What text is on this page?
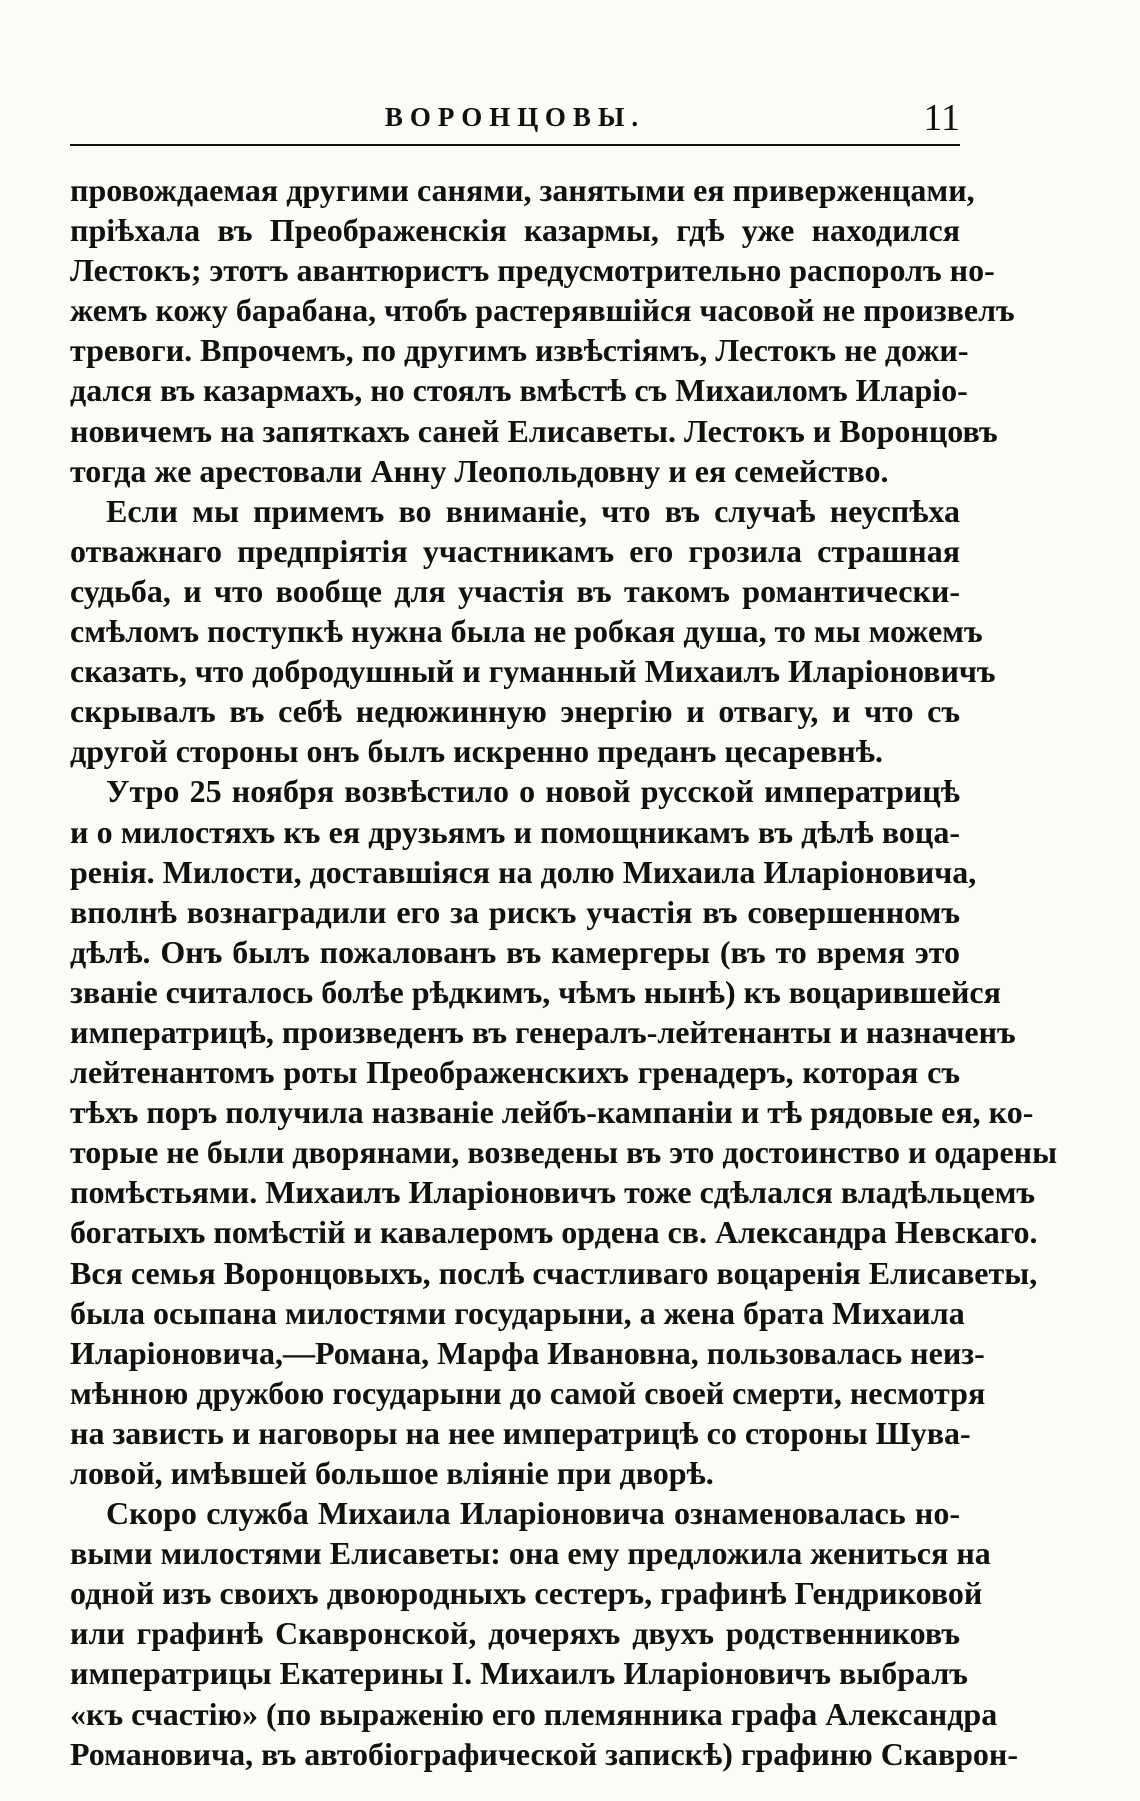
ВОРОНЦОВЫ.	11
провождаемая другими санями, занятыми ея приверженцами,
пріѣхала въ Преображенскія казармы, гдѣ уже находился
Лестокъ; этотъ авантюристъ предусмотрительно распоролъ но-
жемъ кожу барабана, чтобъ растерявшійся часовой не произвелъ
тревоги. Впрочемъ, по другимъ извѣстіямъ, Лестокъ не дожи-
дался въ казармахъ, но стоялъ вмѣстѣ съ Михаиломъ Иларіо-
новичемъ на запяткахъ саней Елисаветы. Лестокъ и Воронцовъ
тогда же арестовали Анну Леопольдовну и ея семейство.
Если мы примемъ во вниманіе, что въ случаѣ неуспѣха
отважнаго предпріятія участникамъ его грозила страшная
судьба, и что вообще для участія въ такомъ романтически-
смѣломъ поступкѣ нужна была не робкая душа, то мы можемъ
сказать, что добродушный и гуманный Михаилъ Иларіоновичъ
скрывалъ въ себѣ недюжинную энергію и отвагу, и что съ
другой стороны онъ былъ искренно преданъ цесаревнѣ.
Утро 25 ноября возвѣстило о новой русской императрицѣ
и о милостяхъ къ ея друзьямъ и помощникамъ въ дѣлѣ воца-
ренія. Милости, доставшіяся на долю Михаила Иларіоновича,
вполнѣ вознаградили его за рискъ участія въ совершенномъ
дѣлѣ. Онъ былъ пожалованъ въ камергеры (въ то время это
званіе считалось болѣе рѣдкимъ, чѣмъ нынѣ) къ воцарившейся
императрицѣ, произведенъ въ генералъ-лейтенанты и назначенъ
лейтенантомъ роты Преображенскихъ гренадеръ, которая съ
тѣхъ поръ получила названіе лейбъ-кампаніи и тѣ рядовые ея, ко-
торые не были дворянами, возведены въ это достоинство и одарены
помѣстьями. Михаилъ Иларіоновичъ тоже сдѣлался владѣльцемъ
богатыхъ помѣстій и кавалеромъ ордена св. Александра Невскаго.
Вся семья Воронцовыхъ, послѣ счастливаго воцаренія Елисаветы,
была осыпана милостями государыни, а жена брата Михаила
Иларіоновича,—Романа, Марфа Ивановна, пользовалась неиз-
мѣнною дружбою государыни до самой своей смерти, несмотря
на зависть и наговоры на нее императрицѣ со стороны Шува-
ловой, имѣвшей большое вліяніе при дворѣ.
Скоро служба Михаила Иларіоновича ознаменовалась но-
выми милостями Елисаветы: она ему предложила жениться на
одной изъ своихъ двоюродныхъ сестеръ, графинѣ Гендриковой
или графинѣ Скавронской, дочеряхъ двухъ родственниковъ
императрицы Екатерины I. Михаилъ Иларіоновичъ выбралъ
«къ счастію» (по выраженію его племянника графа Александра
Романовича, въ автобіографической запискѣ) графиню Скаврон-
